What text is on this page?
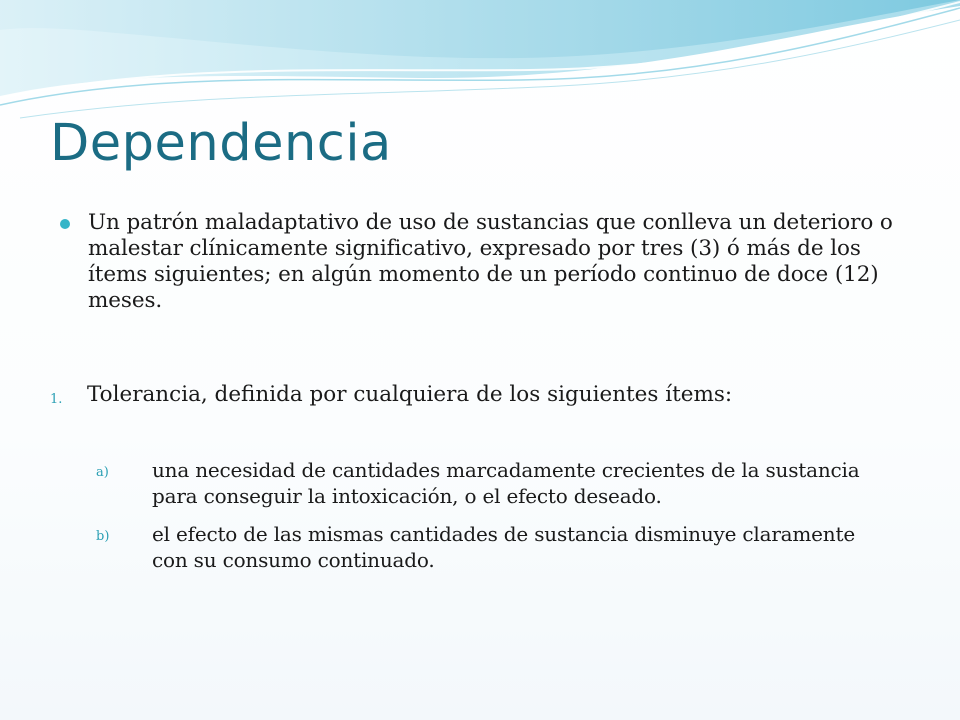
Dependencia

Un patrón maladaptativo de uso de sustancias que conlleva un deterioro o malestar clínicamente significativo, expresado por tres (3) ó más de los ítems siguientes; en algún momento de un período continuo de doce (12) meses.

1. Tolerancia, definida por cualquiera de los siguientes ítems:

a) una necesidad de cantidades marcadamente crecientes de la sustancia para conseguir la intoxicación, o el efecto deseado.

b) el efecto de las mismas cantidades de sustancia disminuye claramente con su consumo continuado.
